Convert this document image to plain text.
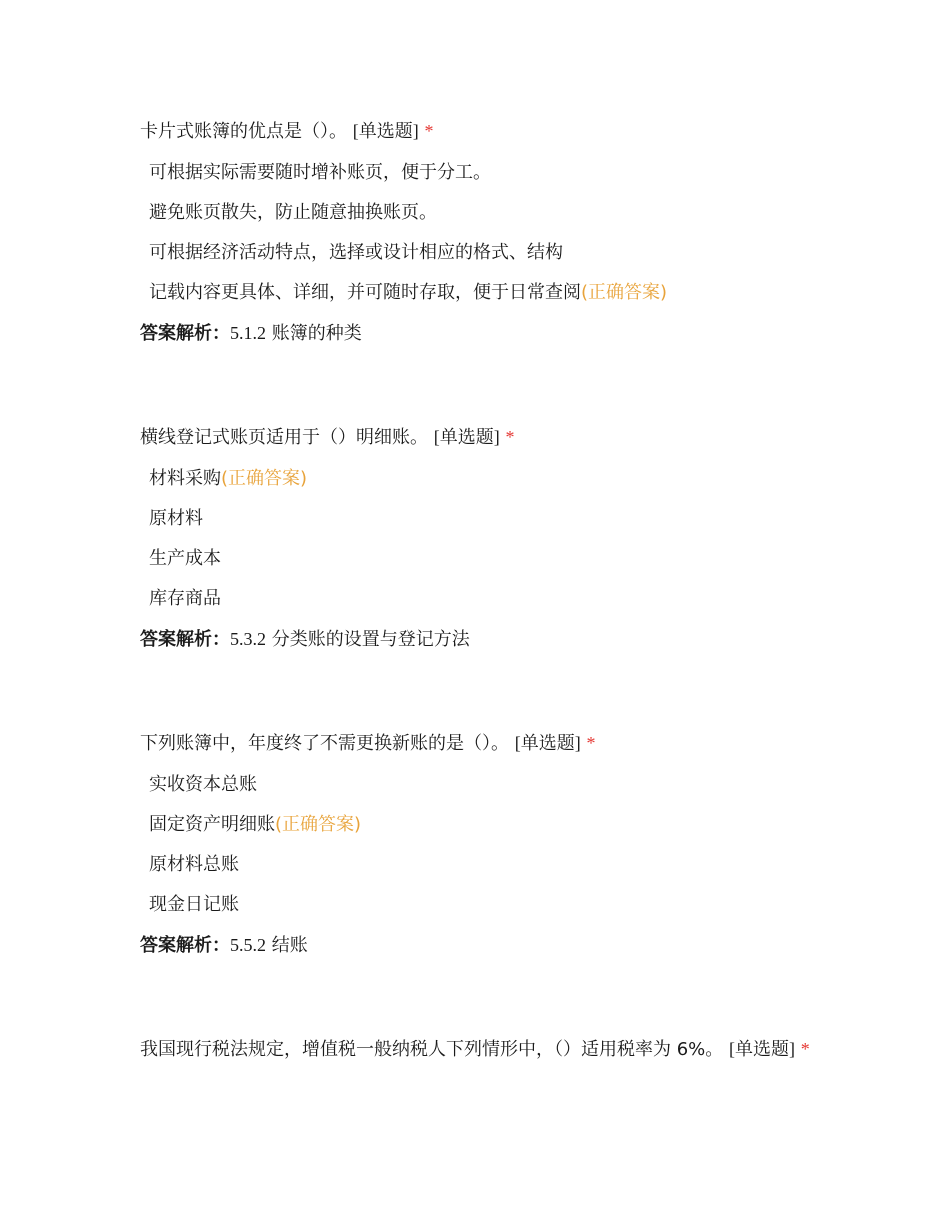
卡片式账簿的优点是（）。 [单选题] *

可根据实际需要随时增补账页，便于分工。
避免账页散失，防止随意抽换账页。
可根据经济活动特点，选择或设计相应的格式、结构
记载内容更具体、详细，并可随时存取，便于日常查阅(正确答案)
答案解析：5.1.2 账簿的种类

横线登记式账页适用于（）明细账。 [单选题] *

材料采购(正确答案)
原材料
生产成本
库存商品
答案解析：5.3.2 分类账的设置与登记方法

下列账簿中，年度终了不需更换新账的是（）。 [单选题] *

实收资本总账
固定资产明细账(正确答案)
原材料总账
现金日记账
答案解析：5.5.2 结账

我国现行税法规定，增值税一般纳税人下列情形中，（）适用税率为 6%。 [单选题] *
